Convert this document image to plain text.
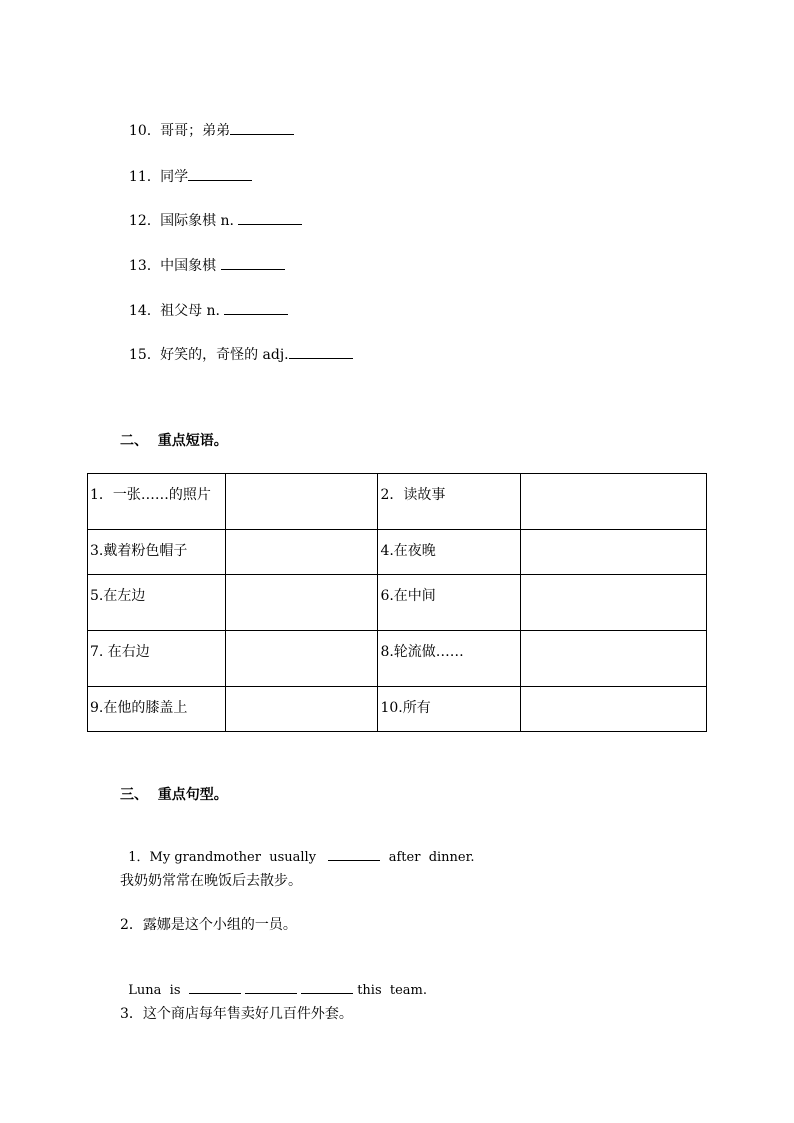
10. 哥哥；弟弟

11. 同学

12. 国际象棋 n.

13. 中国象棋

14. 祖父母 n.

15. 好笑的，奇怪的 adj.

二、  重点短语。
1．一张……的照片		2．读故事	

3.戴着粉色帽子		4.在夜晚	

5.在左边		6.在中间	

7. 在右边		8.轮流做……	

9.在他的膝盖上		10.所有	

三、  重点句型。

1．My grandmother  usually	after  dinner.

我奶奶常常在晚饭后去散步。
2．露娜是这个小组的一员。

Luna  is	this  team.

3．这个商店每年售卖好几百件外套。
